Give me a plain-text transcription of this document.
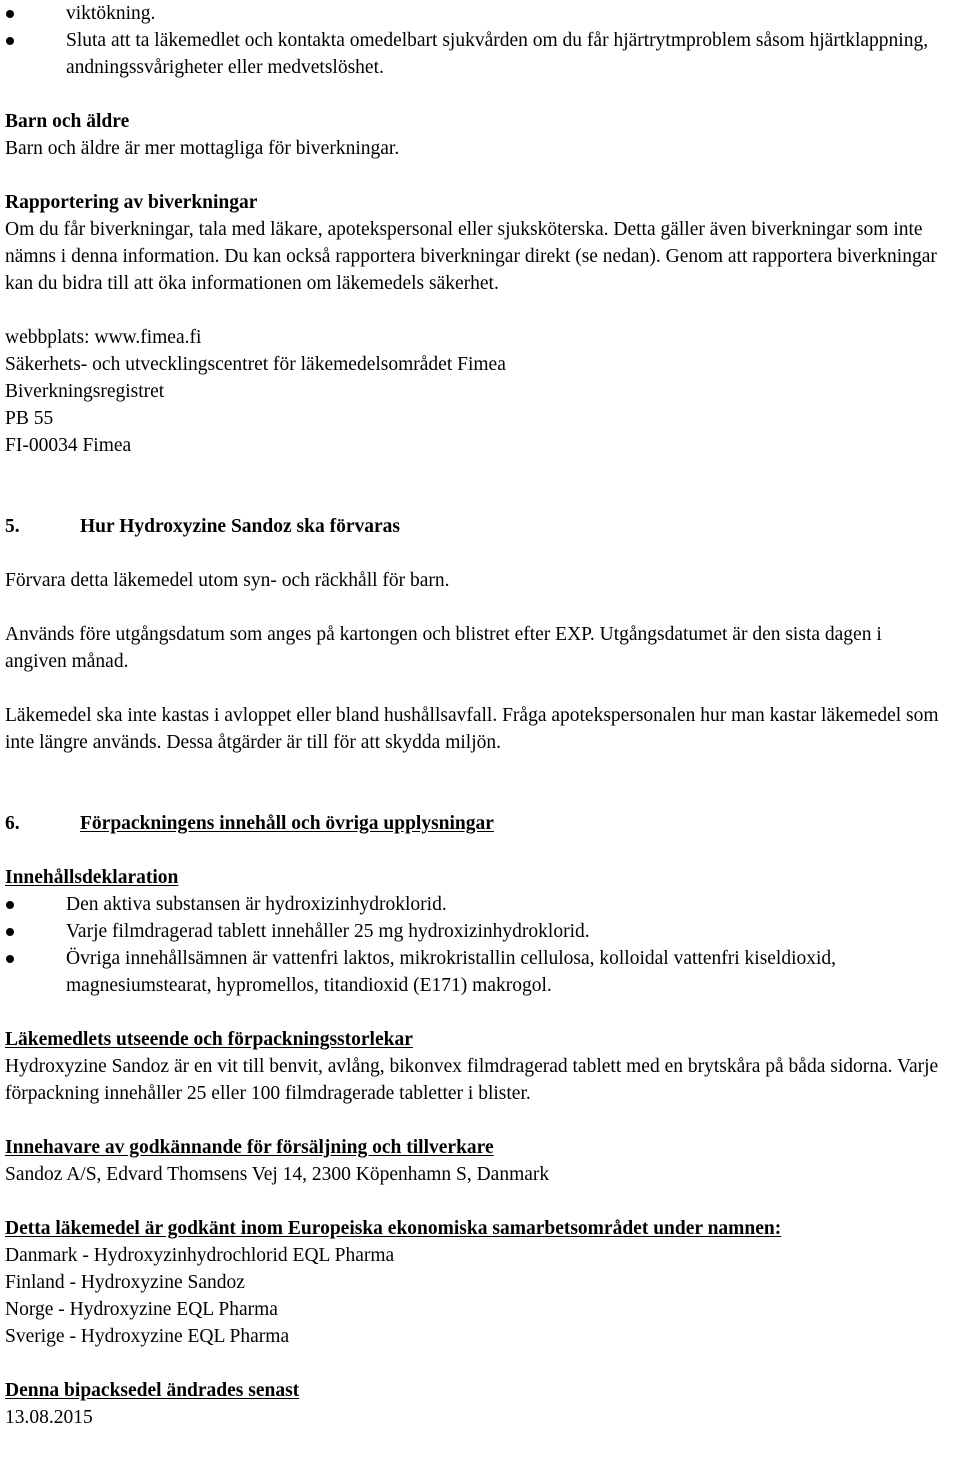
viktökning.
Sluta att ta läkemedlet och kontakta omedelbart sjukvården om du får hjärtrytmproblem såsom hjärtklappning, andningssvårigheter eller medvetslöshet.
Barn och äldre

Barn och äldre är mer mottagliga för biverkningar.

Rapportering av biverkningar

Om du får biverkningar, tala med läkare, apotekspersonal eller sjuksköterska. Detta gäller även biverkningar som inte nämns i denna information. Du kan också rapportera biverkningar direkt (se nedan). Genom att rapportera biverkningar kan du bidra till att öka informationen om läkemedels säkerhet.

webbplats: www.fimea.fi
Säkerhets- och utvecklingscentret för läkemedelsområdet Fimea
Biverkningsregistret
PB 55
FI-00034 Fimea
5.	Hur Hydroxyzine Sandoz ska förvaras

Förvara detta läkemedel utom syn- och räckhåll för barn.

Används före utgångsdatum som anges på kartongen och blistret efter EXP. Utgångsdatumet är den sista dagen i angiven månad.

Läkemedel ska inte kastas i avloppet eller bland hushållsavfall. Fråga apotekspersonalen hur man kastar läkemedel som inte längre används. Dessa åtgärder är till för att skydda miljön.

6.	Förpackningens innehåll och övriga upplysningar
Innehållsdeklaration
Den aktiva substansen är hydroxizinhydroklorid.
Varje filmdragerad tablett innehåller 25 mg hydroxizinhydroklorid.
Övriga innehållsämnen är vattenfri laktos, mikrokristallin cellulosa, kolloidal vattenfri kiseldioxid, magnesiumstearat, hypromellos, titandioxid (E171) makrogol.
Läkemedlets utseende och förpackningsstorlekar

Hydroxyzine Sandoz är en vit till benvit, avlång, bikonvex filmdragerad tablett med en brytskåra på båda sidorna. Varje förpackning innehåller 25 eller 100 filmdragerade tabletter i blister.

Innehavare av godkännande för försäljning och tillverkare

Sandoz A/S, Edvard Thomsens Vej 14, 2300 Köpenhamn S, Danmark

Detta läkemedel är godkänt inom Europeiska ekonomiska samarbetsområdet under namnen:
Danmark - Hydroxyzinhydrochlorid EQL Pharma
Finland - Hydroxyzine Sandoz
Norge - Hydroxyzine EQL Pharma
Sverige - Hydroxyzine EQL Pharma
Denna bipacksedel ändrades senast
13.08.2015
